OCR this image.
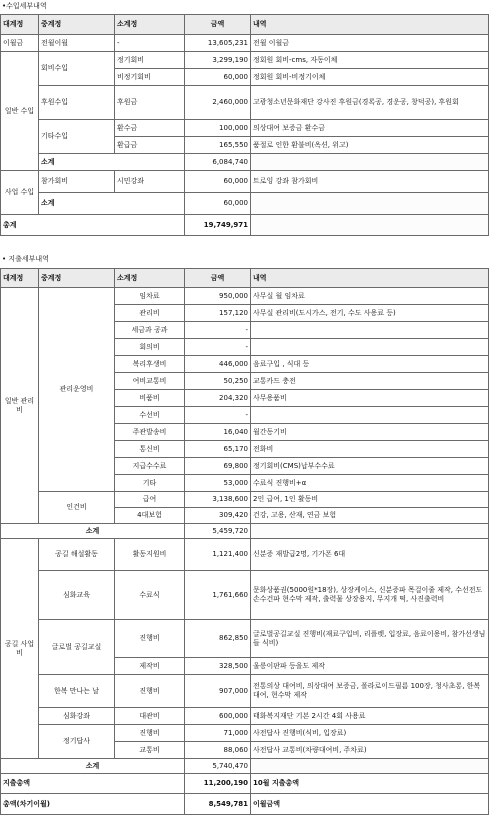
•수입세부내역
대계정	중계정	소계정	금액	내역
이월금	전월이월	-	13,605,231	전월 이월금
일반 수입	회비수입	정기회비	3,299,190	정회원 회비-cms, 자동이체
		비정기회비	60,000	정회원 회비-비정기이체
	후원수입	후원금	2,460,000	고광청소년문화재단 강사진 후원금(경록공, 경운공, 창덕공), 후원회
	기타수입	환수금	100,000	의상대여 보증금 환수금
		환급금	165,550	품절로 인한 환불비(옥션, 위고)
	소계		6,084,740	
사업 수입	참가회비	시민강좌	60,000	트로잉 강좌 참가회비
	소계		60,000	
총계			19,749,971	
• 지출세부내역
대계정	중계정	소계정	금액	내역
일반 관리비	관리운영비	임차료	950,000	사무실 월 임차료
		관리비	157,120	사무실 관리비(도시가스, 전기, 수도 사용료 등)
		세금과 공과	-	
		회의비	-	
		복리후생비	446,000	음료구입 , 식대 등
		여비교통비	50,250	교통카드 충전
		비품비	204,320	사무용품비
		수선비	-	
		주관발송비	16,040	월간동기비
		통신비	65,170	전화비
		지급수수료	69,800	정기회비(CMS)납부수수료
		기타	53,000	수료식 진행비+α
	인건비	급여	3,138,600	2인 급여, 1인 활동비
		4대보험	309,420	건강, 고용, 산재, 연금 보험
소계			5,459,720	
공길 사업비	공길 해설활동	활동지원비	1,121,400	신분증 재발급2명, 기가폰 6대
	심화교육	수료식	1,761,660	문화상품권(5000원*18장), 상장케이스, 신분증파 목걸이줄 제작, 수선전도 손수건파 현수막 제작, 출력물 상장용지, 무지개 떡, 사진출력비
	글로벌 공길교실	진행비	862,850	글로벌공길교실 진행비(재료구입비, 리플렛, 입장료, 음료이용비, 참가선생님들 식비)
		제작비	328,500	울릉이판파 등을도 제작
	한복 만나는 날	진행비	907,000	전통의상 대여비, 의상대여 보증금, 폴라로이드필름 100장, 청사초롱, 한복대여, 현수막 제작
	심화강좌	대관비	600,000	태화복지재단 기본 2시간 4회 사용료
	정기답사	진행비	71,000	사전답사 진행비(식비, 입장료)
		교통비	88,060	사전답사 교통비(차량대여비, 주차료)
소계			5,740,470	
지출총액			11,200,190	10월 지출총액
총액(차기이월)			8,549,781	이월금액
